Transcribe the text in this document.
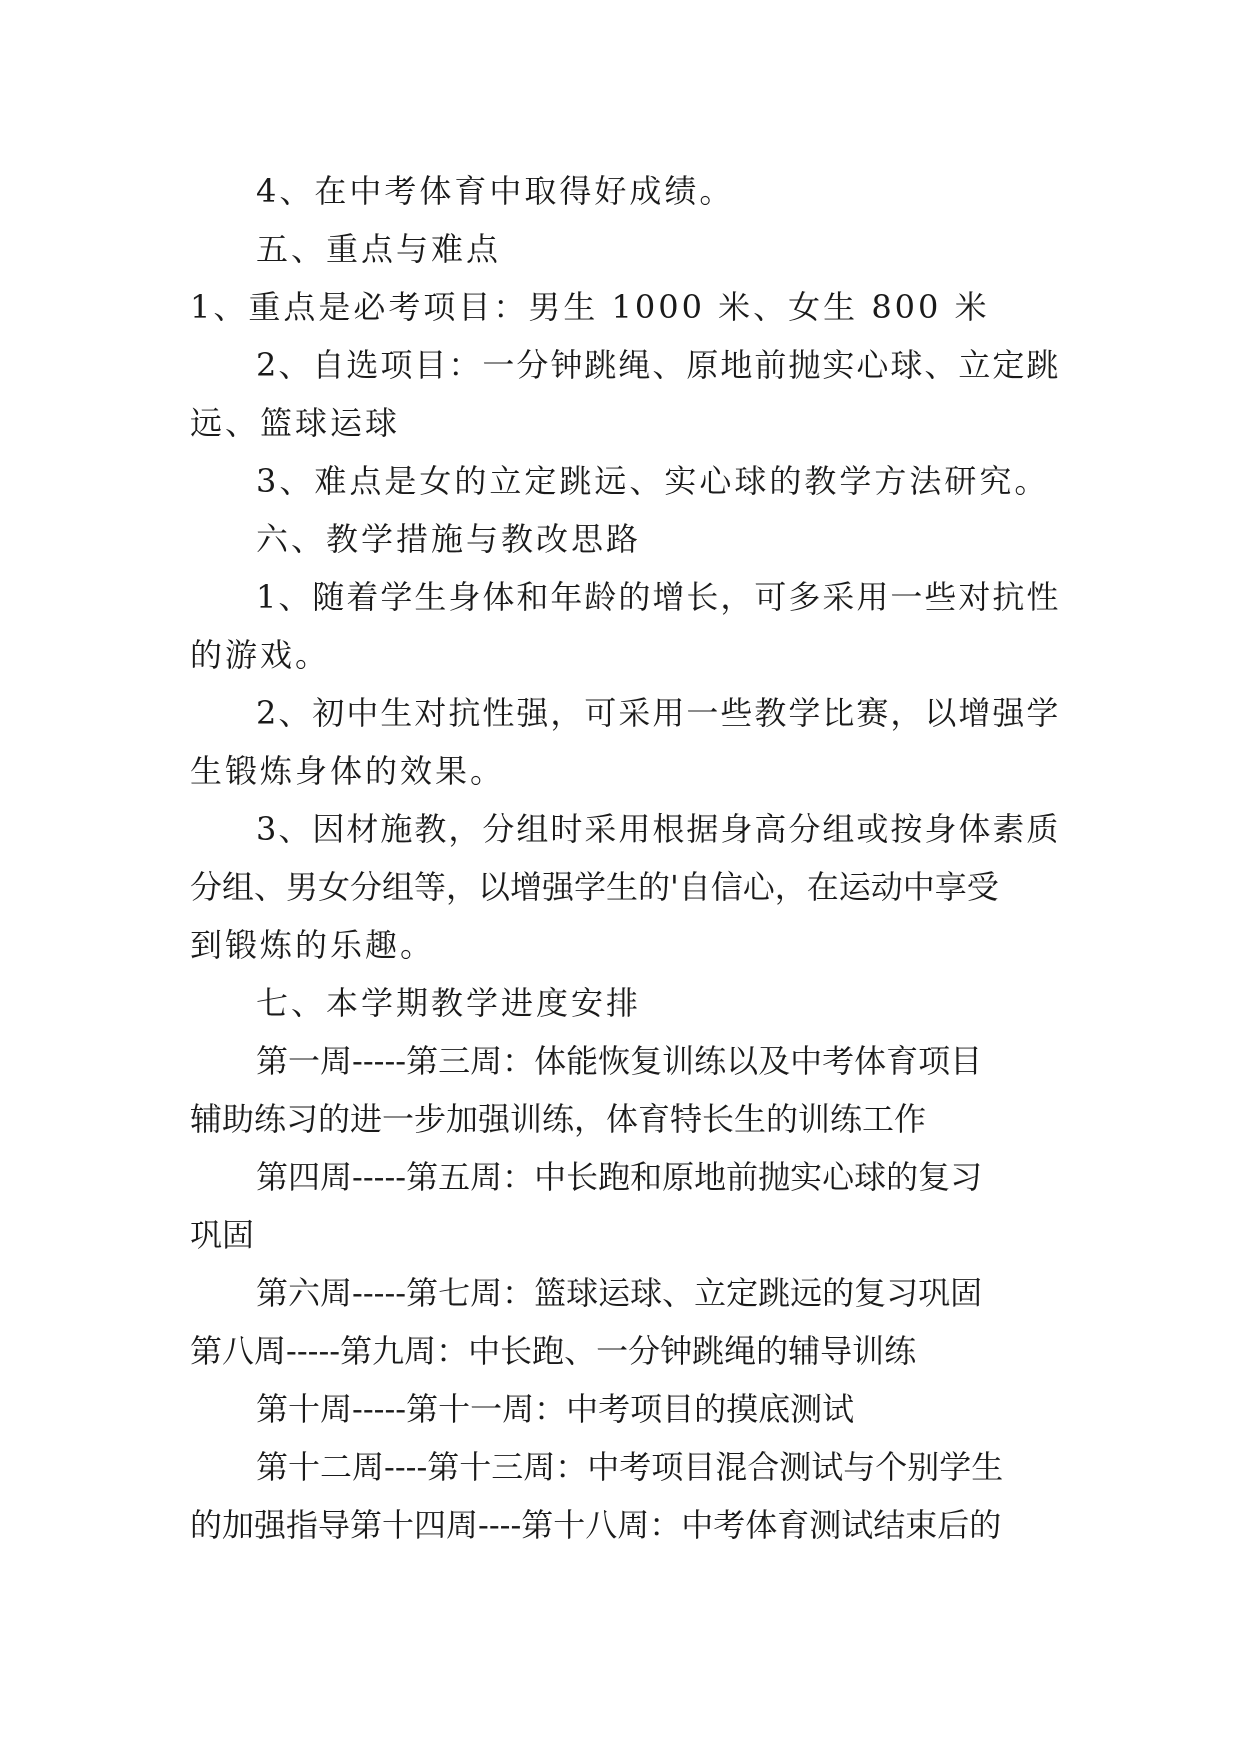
4、在中考体育中取得好成绩。
五、重点与难点
1、重点是必考项目：男生 1000 米、女生 800 米
2、自选项目：一分钟跳绳、原地前抛实心球、立定跳
远、篮球运球
3、难点是女的立定跳远、实心球的教学方法研究。
六、教学措施与教改思路
1、随着学生身体和年龄的增长，可多采用一些对抗性
的游戏。
2、初中生对抗性强，可采用一些教学比赛，以增强学
生锻炼身体的效果。
3、因材施教，分组时采用根据身高分组或按身体素质
分组、男女分组等，以增强学生的'自信心，在运动中享受
到锻炼的乐趣。
七、本学期教学进度安排
第一周-----第三周：体能恢复训练以及中考体育项目
辅助练习的进一步加强训练，体育特长生的训练工作
第四周-----第五周：中长跑和原地前抛实心球的复习
巩固
第六周-----第七周：篮球运球、立定跳远的复习巩固
第八周-----第九周：中长跑、一分钟跳绳的辅导训练
第十周-----第十一周：中考项目的摸底测试
第十二周----第十三周：中考项目混合测试与个别学生
的加强指导第十四周----第十八周：中考体育测试结束后的
